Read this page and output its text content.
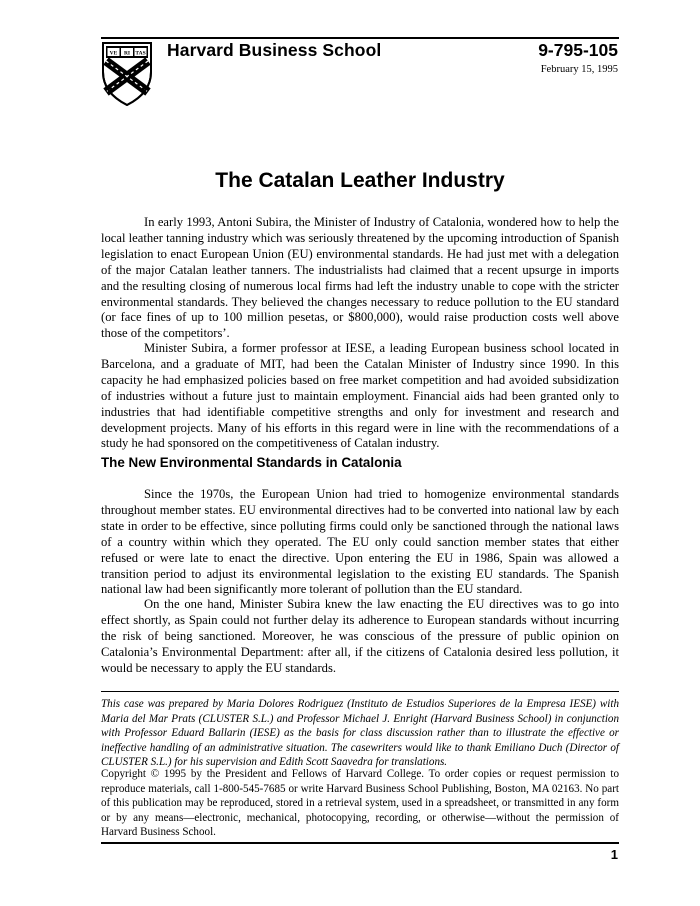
VE RI TAS Harvard Business School	9-795-105
February 15, 1995
The Catalan Leather Industry

In early 1993, Antoni Subira, the Minister of Industry of Catalonia, wondered how to help the local leather tanning industry which was seriously threatened by the upcoming introduction of Spanish legislation to enact European Union (EU) environmental standards. He had just met with a delegation of the major Catalan leather tanners. The industrialists had claimed that a recent upsurge in imports and the resulting closing of numerous local firms had left the industry unable to cope with the stricter environmental standards. They believed the changes necessary to reduce pollution to the EU standard (or face fines of up to 100 million pesetas, or $800,000), would raise production costs well above those of the competitors’.

Minister Subira, a former professor at IESE, a leading European business school located in Barcelona, and a graduate of MIT, had been the Catalan Minister of Industry since 1990. In this capacity he had emphasized policies based on free market competition and had avoided subsidization of industries without a future just to maintain employment. Financial aids had been granted only to industries that had identifiable competitive strengths and only for investment and research and development projects. Many of his efforts in this regard were in line with the recommendations of a study he had sponsored on the competitiveness of Catalan industry.

The New Environmental Standards in Catalonia

Since the 1970s, the European Union had tried to homogenize environmental standards throughout member states. EU environmental directives had to be converted into national law by each state in order to be effective, since polluting firms could only be sanctioned through the national laws of a country within which they operated. The EU only could sanction member states that either refused or were late to enact the directive. Upon entering the EU in 1986, Spain was allowed a transition period to adjust its environmental legislation to the existing EU standards. The Spanish national law had been significantly more tolerant of pollution than the EU standard.

On the one hand, Minister Subira knew the law enacting the EU directives was to go into effect shortly, as Spain could not further delay its adherence to European standards without incurring the risk of being sanctioned. Moreover, he was conscious of the pressure of public opinion on Catalonia’s Environmental Department: after all, if the citizens of Catalonia desired less pollution, it would be necessary to apply the EU standards.

This case was prepared by Maria Dolores Rodriguez (Instituto de Estudios Superiores de la Empresa IESE) with Maria del Mar Prats (CLUSTER S.L.) and Professor Michael J. Enright (Harvard Business School) in conjunction with Professor Eduard Ballarin (IESE) as the basis for class discussion rather than to illustrate the effective or ineffective handling of an administrative situation. The casewriters would like to thank Emiliano Duch (Director of CLUSTER S.L.) for his supervision and Edith Scott Saavedra for translations.

Copyright © 1995 by the President and Fellows of Harvard College. To order copies or request permission to reproduce materials, call 1-800-545-7685 or write Harvard Business School Publishing, Boston, MA 02163. No part of this publication may be reproduced, stored in a retrieval system, used in a spreadsheet, or transmitted in any form or by any means—electronic, mechanical, photocopying, recording, or otherwise—without the permission of Harvard Business School.

1
